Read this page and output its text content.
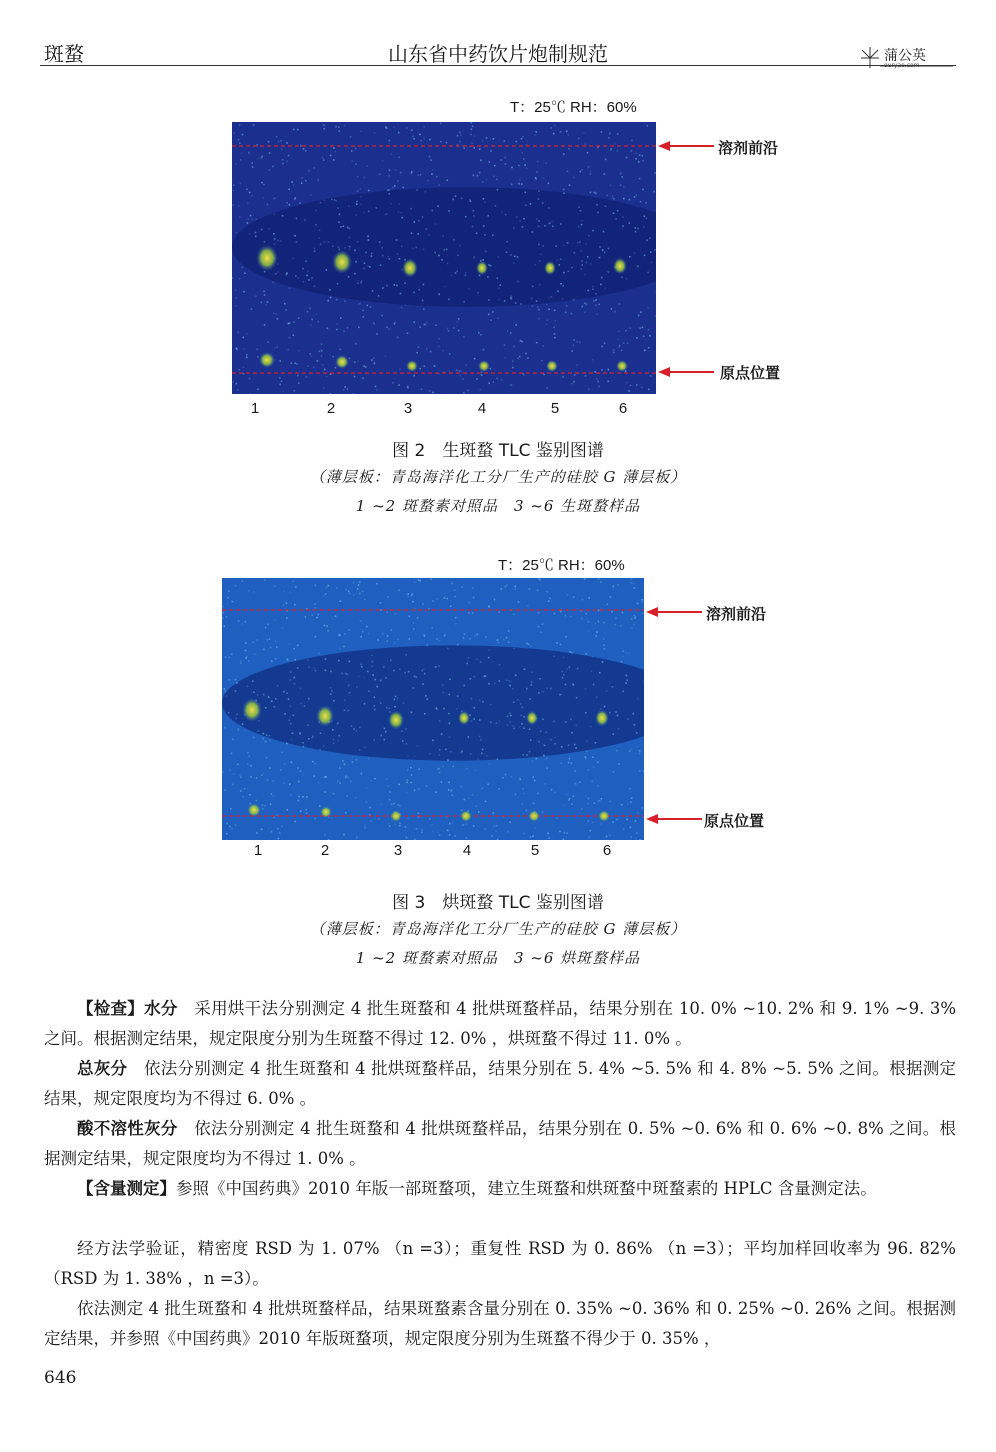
斑蝥	山东省中药饮片炮制规范	蒲公英
ouryao.com
T：25℃ RH：60%
溶剂前沿
原点位置
1	2	3	4	5	6
图 2　生斑蝥 TLC 鉴别图谱
（薄层板：青岛海洋化工分厂生产的硅胶 G 薄层板）
1 ~2 斑蝥素对照品　3 ~6 生斑蝥样品
T：25℃ RH：60%
溶剂前沿
原点位置
1	2	3	4	5	6
图 3　烘斑蝥 TLC 鉴别图谱
（薄层板：青岛海洋化工分厂生产的硅胶 G 薄层板）
1 ~2 斑蝥素对照品　3 ~6 烘斑蝥样品
【检查】水分　采用烘干法分别测定 4 批生斑蝥和 4 批烘斑蝥样品，结果分别在 10. 0% ~10. 2% 和 9. 1% ~9. 3% 之间。根据测定结果，规定限度分别为生斑蝥不得过 12. 0% ，烘斑蝥不得过 11. 0% 。
总灰分　依法分别测定 4 批生斑蝥和 4 批烘斑蝥样品，结果分别在 5. 4% ~5. 5% 和 4. 8% ~5. 5% 之间。根据测定结果，规定限度均为不得过 6. 0% 。
酸不溶性灰分　依法分别测定 4 批生斑蝥和 4 批烘斑蝥样品，结果分别在 0. 5% ~0. 6% 和 0. 6% ~0. 8% 之间。根据测定结果，规定限度均为不得过 1. 0% 。
【含量测定】参照《中国药典》2010 年版一部斑蝥项，建立生斑蝥和烘斑蝥中斑蝥素的 HPLC 含量测定法。
经方法学验证，精密度 RSD 为 1. 07% （n =3）；重复性 RSD 为 0. 86% （n =3）；平均加样回收率为 96. 82% （RSD 为 1. 38% ，n =3）。
依法测定 4 批生斑蝥和 4 批烘斑蝥样品，结果斑蝥素含量分别在 0. 35% ~0. 36% 和 0. 25% ~0. 26% 之间。根据测定结果，并参照《中国药典》2010 年版斑蝥项，规定限度分别为生斑蝥不得少于 0. 35% ，
646
